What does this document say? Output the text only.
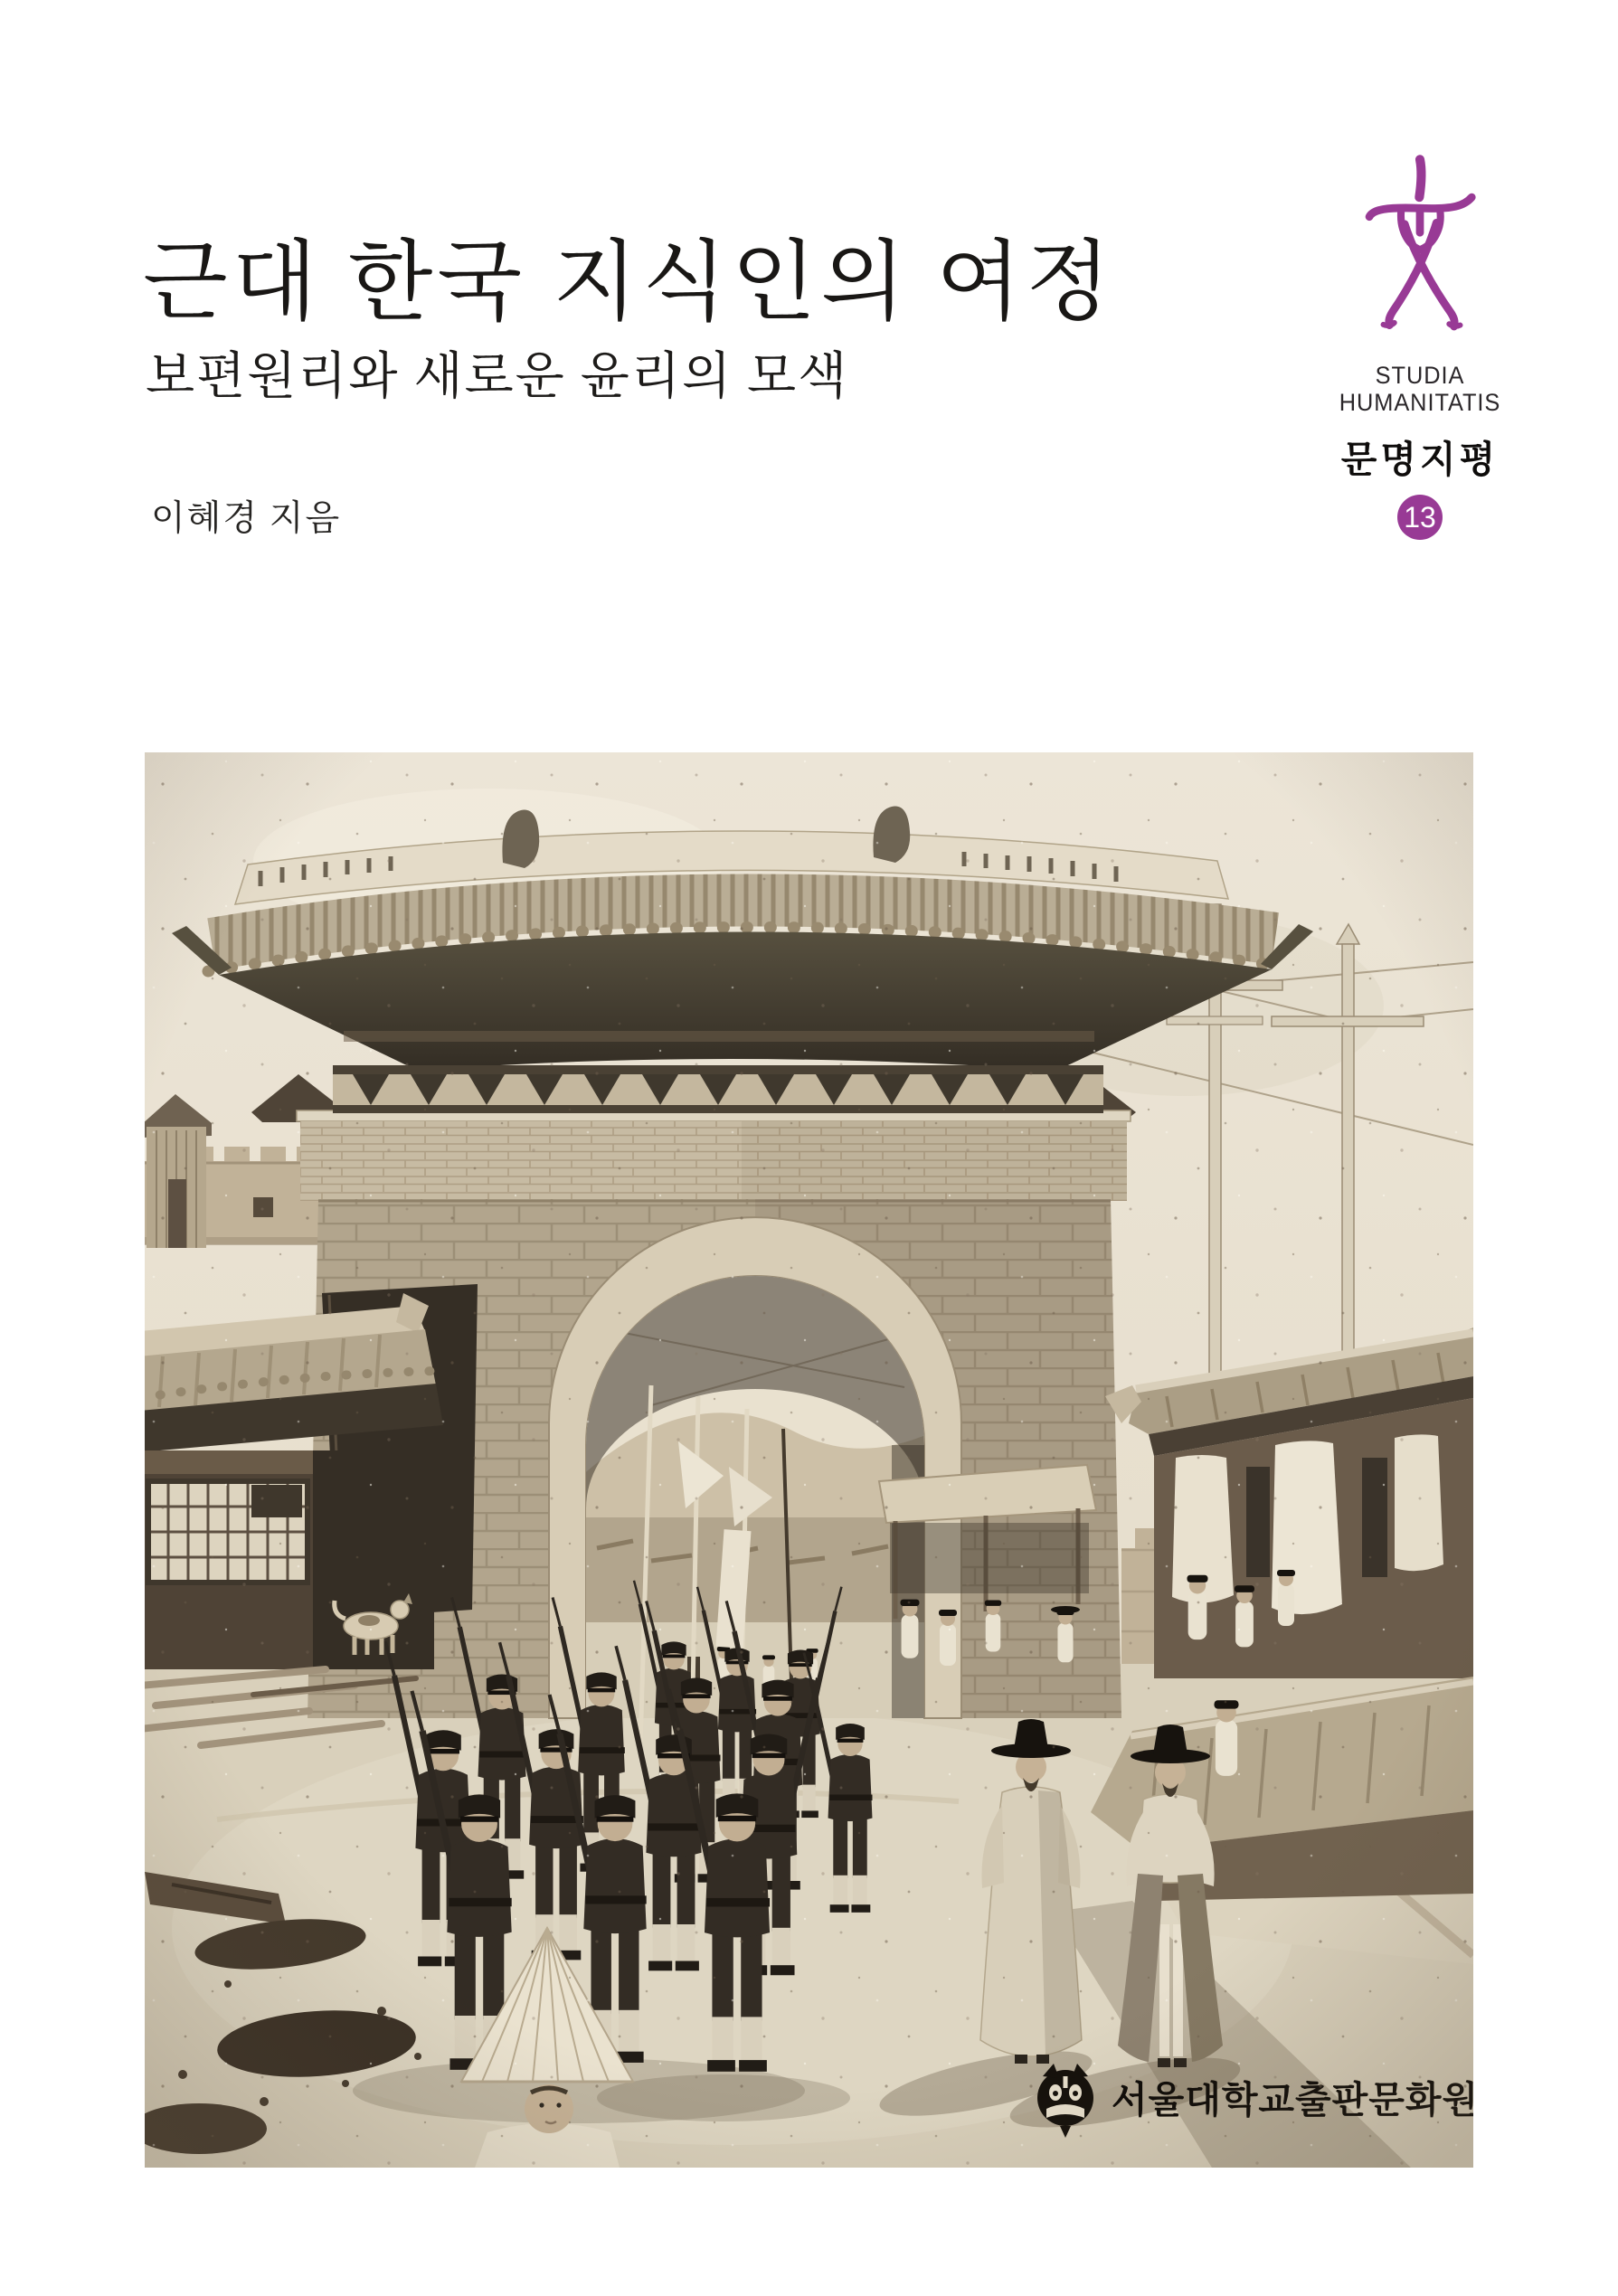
근대 한국 지식인의 여정
보편원리와 새로운 윤리의 모색
이혜경 지음
STUDIA
HUMANITATIS
문명지평
13
